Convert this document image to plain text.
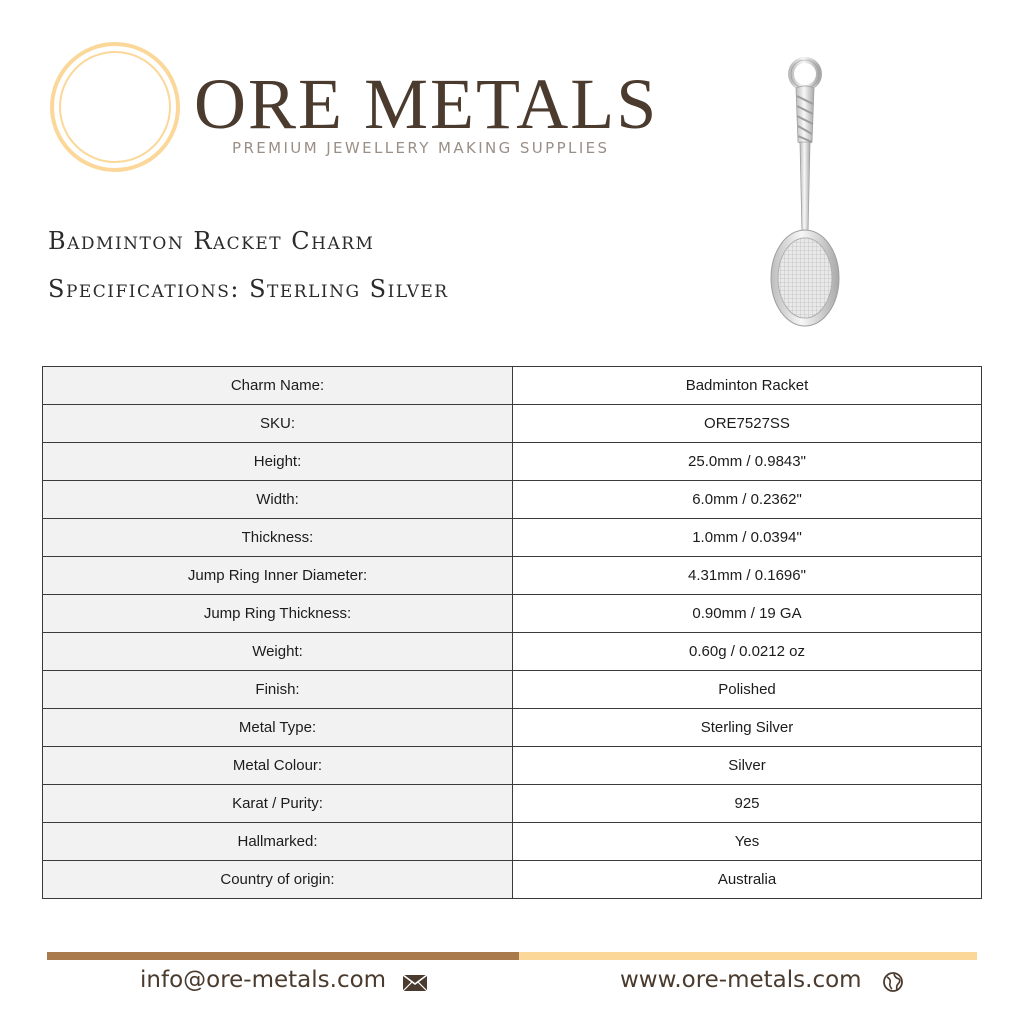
ORE METALS
PREMIUM JEWELLERY MAKING SUPPLIES
Badminton Racket Charm
Specifications: Sterling Silver
Charm Name:	Badminton Racket
SKU:	ORE7527SS
Height:	25.0mm / 0.9843"
Width:	6.0mm / 0.2362"
Thickness:	1.0mm / 0.0394"
Jump Ring Inner Diameter:	4.31mm / 0.1696"
Jump Ring Thickness:	0.90mm / 19 GA
Weight:	0.60g / 0.0212 oz
Finish:	Polished
Metal Type:	Sterling Silver
Metal Colour:	Silver
Karat / Purity:	925
Hallmarked:	Yes
Country of origin:	Australia
info@ore-metals.com	www.ore-metals.com
